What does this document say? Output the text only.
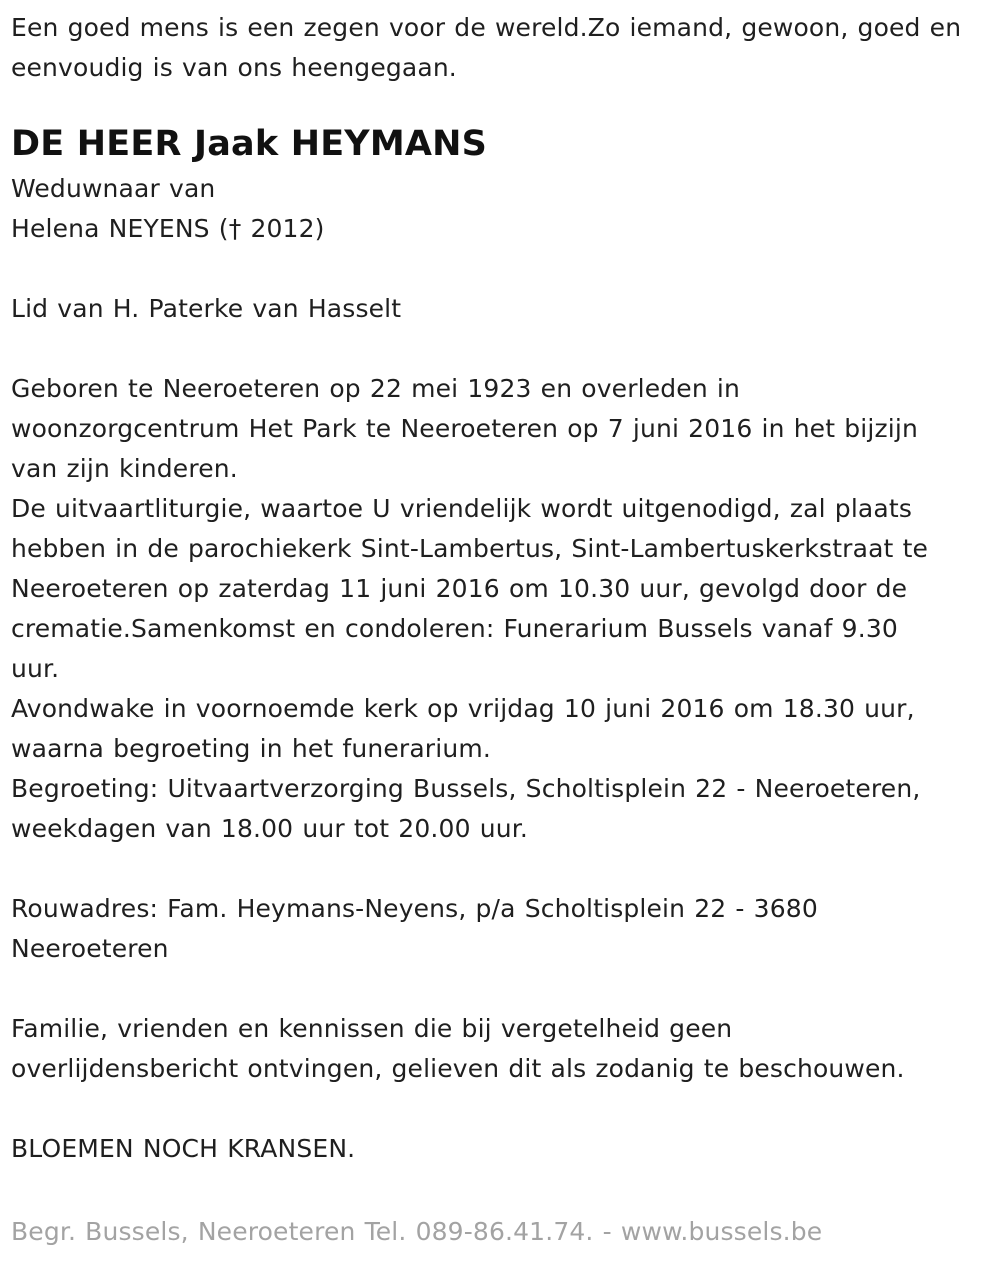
Een goed mens is een zegen voor de wereld.Zo iemand, gewoon, goed en
eenvoudig is van ons heengegaan.
DE HEER Jaak HEYMANS
Weduwnaar van
Helena NEYENS († 2012)
Lid van H. Paterke van Hasselt
Geboren te Neeroeteren op 22 mei 1923 en overleden in
woonzorgcentrum Het Park te Neeroeteren op 7 juni 2016 in het bijzijn
van zijn kinderen.
De uitvaartliturgie, waartoe U vriendelijk wordt uitgenodigd, zal plaats
hebben in de parochiekerk Sint-Lambertus, Sint-Lambertuskerkstraat te
Neeroeteren op zaterdag 11 juni 2016 om 10.30 uur, gevolgd door de
crematie.Samenkomst en condoleren: Funerarium Bussels vanaf 9.30
uur.
Avondwake in voornoemde kerk op vrijdag 10 juni 2016 om 18.30 uur,
waarna begroeting in het funerarium.
Begroeting: Uitvaartverzorging Bussels, Scholtisplein 22 - Neeroeteren,
weekdagen van 18.00 uur tot 20.00 uur.
Rouwadres: Fam. Heymans-Neyens, p/a Scholtisplein 22 - 3680
Neeroeteren
Familie, vrienden en kennissen die bij vergetelheid geen
overlijdensbericht ontvingen, gelieven dit als zodanig te beschouwen.
BLOEMEN NOCH KRANSEN.
Begr. Bussels, Neeroeteren Tel. 089-86.41.74. - www.bussels.be
